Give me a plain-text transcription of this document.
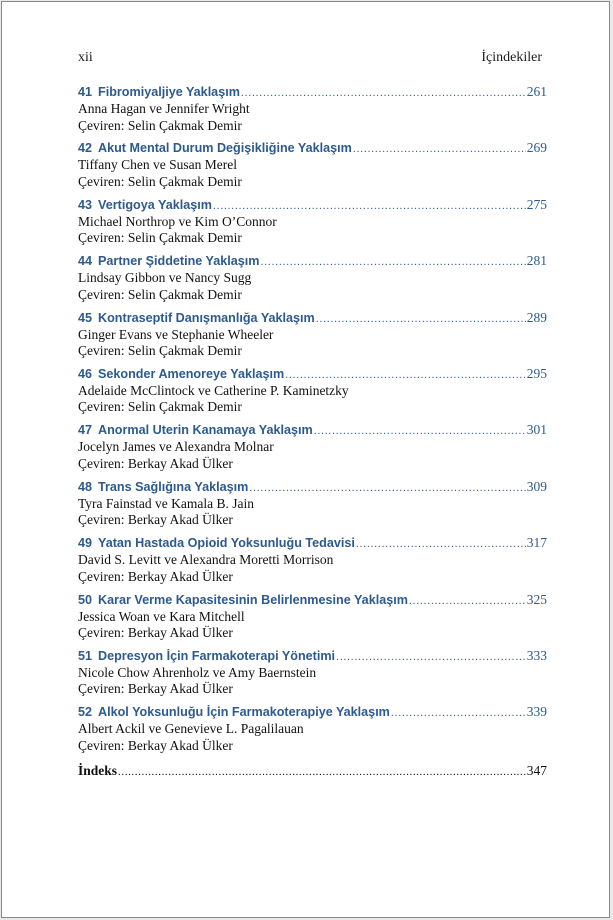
xii	İçindekiler
41 Fibromiyaljiye Yaklaşım .....	261
Anna Hagan ve Jennifer Wright
Çeviren: Selin Çakmak Demir
42 Akut Mental Durum Değişikliğine Yaklaşım .....	269
Tiffany Chen ve Susan Merel
Çeviren: Selin Çakmak Demir
43 Vertigoya Yaklaşım .....	275
Michael Northrop ve Kim O’Connor
Çeviren: Selin Çakmak Demir
44 Partner Şiddetine Yaklaşım .....	281
Lindsay Gibbon ve Nancy Sugg
Çeviren: Selin Çakmak Demir
45 Kontraseptif Danışmanlığa Yaklaşım .....	289
Ginger Evans ve Stephanie Wheeler
Çeviren: Selin Çakmak Demir
46 Sekonder Amenoreye Yaklaşım .....	295
Adelaide McClintock ve Catherine P. Kaminetzky
Çeviren: Selin Çakmak Demir
47 Anormal Uterin Kanamaya Yaklaşım .....	301
Jocelyn James ve Alexandra Molnar
Çeviren: Berkay Akad Ülker
48 Trans Sağlığına Yaklaşım .....	309
Tyra Fainstad ve Kamala B. Jain
Çeviren: Berkay Akad Ülker
49 Yatan Hastada Opioid Yoksunluğu Tedavisi .....	317
David S. Levitt ve Alexandra Moretti Morrison
Çeviren: Berkay Akad Ülker
50 Karar Verme Kapasitesinin Belirlenmesine Yaklaşım .....	325
Jessica Woan ve Kara Mitchell
Çeviren: Berkay Akad Ülker
51 Depresyon İçin Farmakoterapi Yönetimi .....	333
Nicole Chow Ahrenholz ve Amy Baernstein
Çeviren: Berkay Akad Ülker
52 Alkol Yoksunluğu İçin Farmakoterapiye Yaklaşım .....	339
Albert Ackil ve Genevieve L. Pagalilauan
Çeviren: Berkay Akad Ülker
İndeks .....	347
